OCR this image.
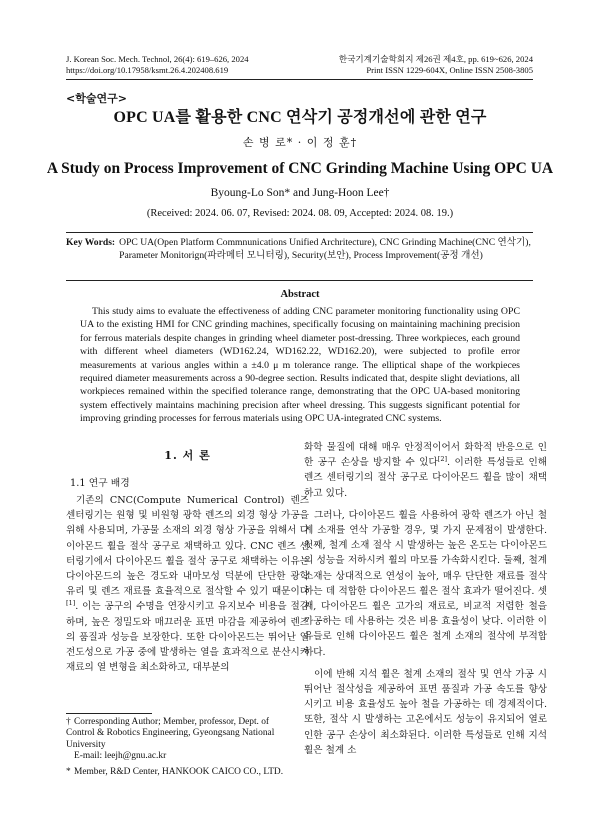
J. Korean Soc. Mech. Technol, 26(4): 619–626, 2024
https://doi.org/10.17958/ksmt.26.4.202408.619
한국기계기술학회지 제26권 제4호, pp. 619~626, 2024
Print ISSN 1229-604X, Online ISSN 2508-3805
<학술연구>
OPC UA를 활용한 CNC 연삭기 공정개선에 관한 연구
손 병 로* · 이 정 훈†
A Study on Process Improvement of CNC Grinding Machine Using OPC UA
Byoung-Lo Son* and Jung-Hoon Lee†
(Received: 2024. 06. 07, Revised: 2024. 08. 09, Accepted: 2024. 08. 19.)
Key Words: OPC UA(Open Platform Commnunications Unified Archritecture), CNC Grinding Machine(CNC 연삭기), Parameter Monitorign(파라메터 모니터링), Security(보안), Process Improvement(공정 개선)
Abstract
This study aims to evaluate the effectiveness of adding CNC parameter monitoring functionality using OPC UA to the existing HMI for CNC grinding machines, specifically focusing on maintaining machining precision for ferrous materials despite changes in grinding wheel diameter post-dressing. Three workpieces, each ground with different wheel diameters (WD162.24, WD162.22, WD162.20), were subjected to profile error measurements at various angles within a ±4.0 μ m tolerance range. The elliptical shape of the workpieces required diameter measurements across a 90-degree section. Results indicated that, despite slight deviations, all workpieces remained within the specified tolerance range, demonstrating that the OPC UA-based monitoring system effectively maintains machining precision after wheel dressing. This suggests significant potential for improving grinding processes for ferrous materials using OPC UA-integrated CNC systems.
1. 서 론
1.1 연구 배경

기존의 CNC(Compute Numerical Control) 렌즈 센터링기는 원형 및 비원형 광학 렌즈의 외경 형상 가공을 위해 사용되며, 가공물 소재의 외경 형상 가공을 위해서 다이아몬드 휠을 절삭 공구로 채택하고 있다. CNC 렌즈 센터링기에서 다이아몬드 휠을 절삭 공구로 채택하는 이유는 다이아몬드의 높은 경도와 내마모성 덕분에 단단한 광학 유리 및 렌즈 재료를 효율적으로 절삭할 수 있기 때문이다[1]. 이는 공구의 수명을 연장시키고 유지보수 비용을 절감하며, 높은 정밀도와 매끄러운 표면 마감을 제공하여 렌즈의 품질과 성능을 보장한다. 또한 다이아몬드는 뛰어난 열전도성으로 가공 중에 발생하는 열을 효과적으로 분산시켜 재료의 열 변형을 최소화하고, 대부분의

화학 물질에 대해 매우 안정적이어서 화학적 반응으로 인한 공구 손상을 방지할 수 있다[2]. 이러한 특성들로 인해 렌즈 센터링기의 절삭 공구로 다이아몬드 휠을 많이 채택하고 있다.

그러나, 다이아몬드 휠을 사용하여 광학 렌즈가 아닌 철계 소재를 연삭 가공할 경우, 몇 가지 문제점이 발생한다. 첫째, 철계 소재 절삭 시 발생하는 높은 온도는 다이아몬드의 성능을 저하시켜 휠의 마모를 가속화시킨다. 둘째, 철계 소재는 상대적으로 연성이 높아, 매우 단단한 재료를 절삭하는 데 적합한 다이아몬드 휠은 절삭 효과가 떨어진다. 셋째, 다이아몬드 휠은 고가의 재료로, 비교적 저렴한 철을 가공하는 데 사용하는 것은 비용 효율성이 낮다. 이러한 이유들로 인해 다이아몬드 휠은 철계 소재의 절삭에 부적합하다.

이에 반해 지석 휠은 철계 소재의 절삭 및 연삭 가공 시 뛰어난 절삭성을 제공하여 표면 품질과 가공 속도를 향상시키고 비용 효율성도 높아 철을 가공하는 데 경제적이다. 또한, 절삭 시 발생하는 고온에서도 성능이 유지되어 열로 인한 공구 손상이 최소화된다. 이러한 특성들로 인해 지석 휠은 철계 소

† Corresponding Author; Member, professor, Dept. of Control & Robotics Engineering, Gyeongsang National University
E-mail: leejh@gnu.ac.kr
* Member, R&D Center, HANKOOK CAICO CO., LTD.
